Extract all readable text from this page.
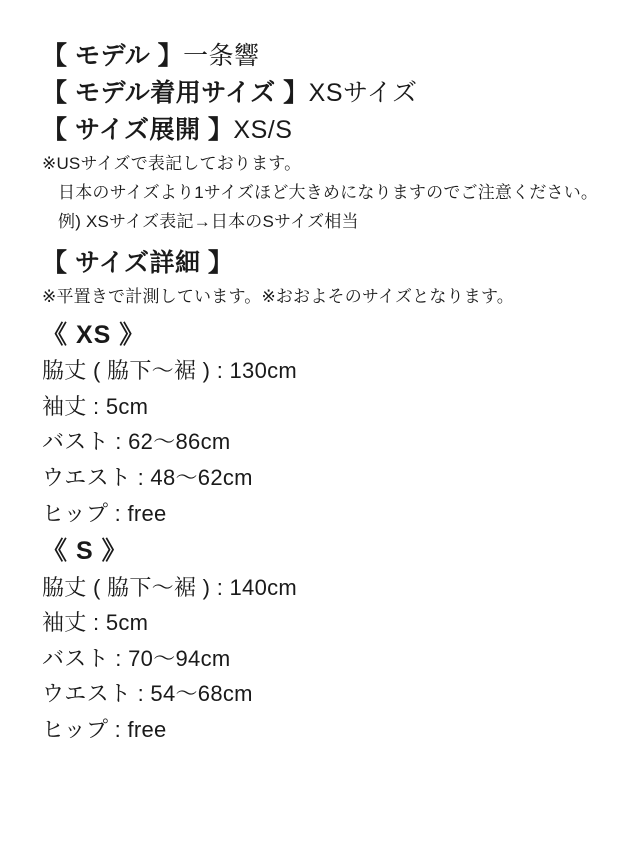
【 モデル 】一条響
【 モデル着用サイズ 】XSサイズ
【 サイズ展開 】XS/S
※USサイズで表記しております。
日本のサイズより1サイズほど大きめになりますのでご注意ください。
例) XSサイズ表記→日本のSサイズ相当
【 サイズ詳細 】
※平置きで計測しています。※おおよそのサイズとなります。
《 XS 》
脇丈 ( 脇下〜裾 ) : 130cm
袖丈 : 5cm
バスト : 62〜86cm
ウエスト : 48〜62cm
ヒップ : free
《 S 》
脇丈 ( 脇下〜裾 ) : 140cm
袖丈 : 5cm
バスト : 70〜94cm
ウエスト : 54〜68cm
ヒップ : free
